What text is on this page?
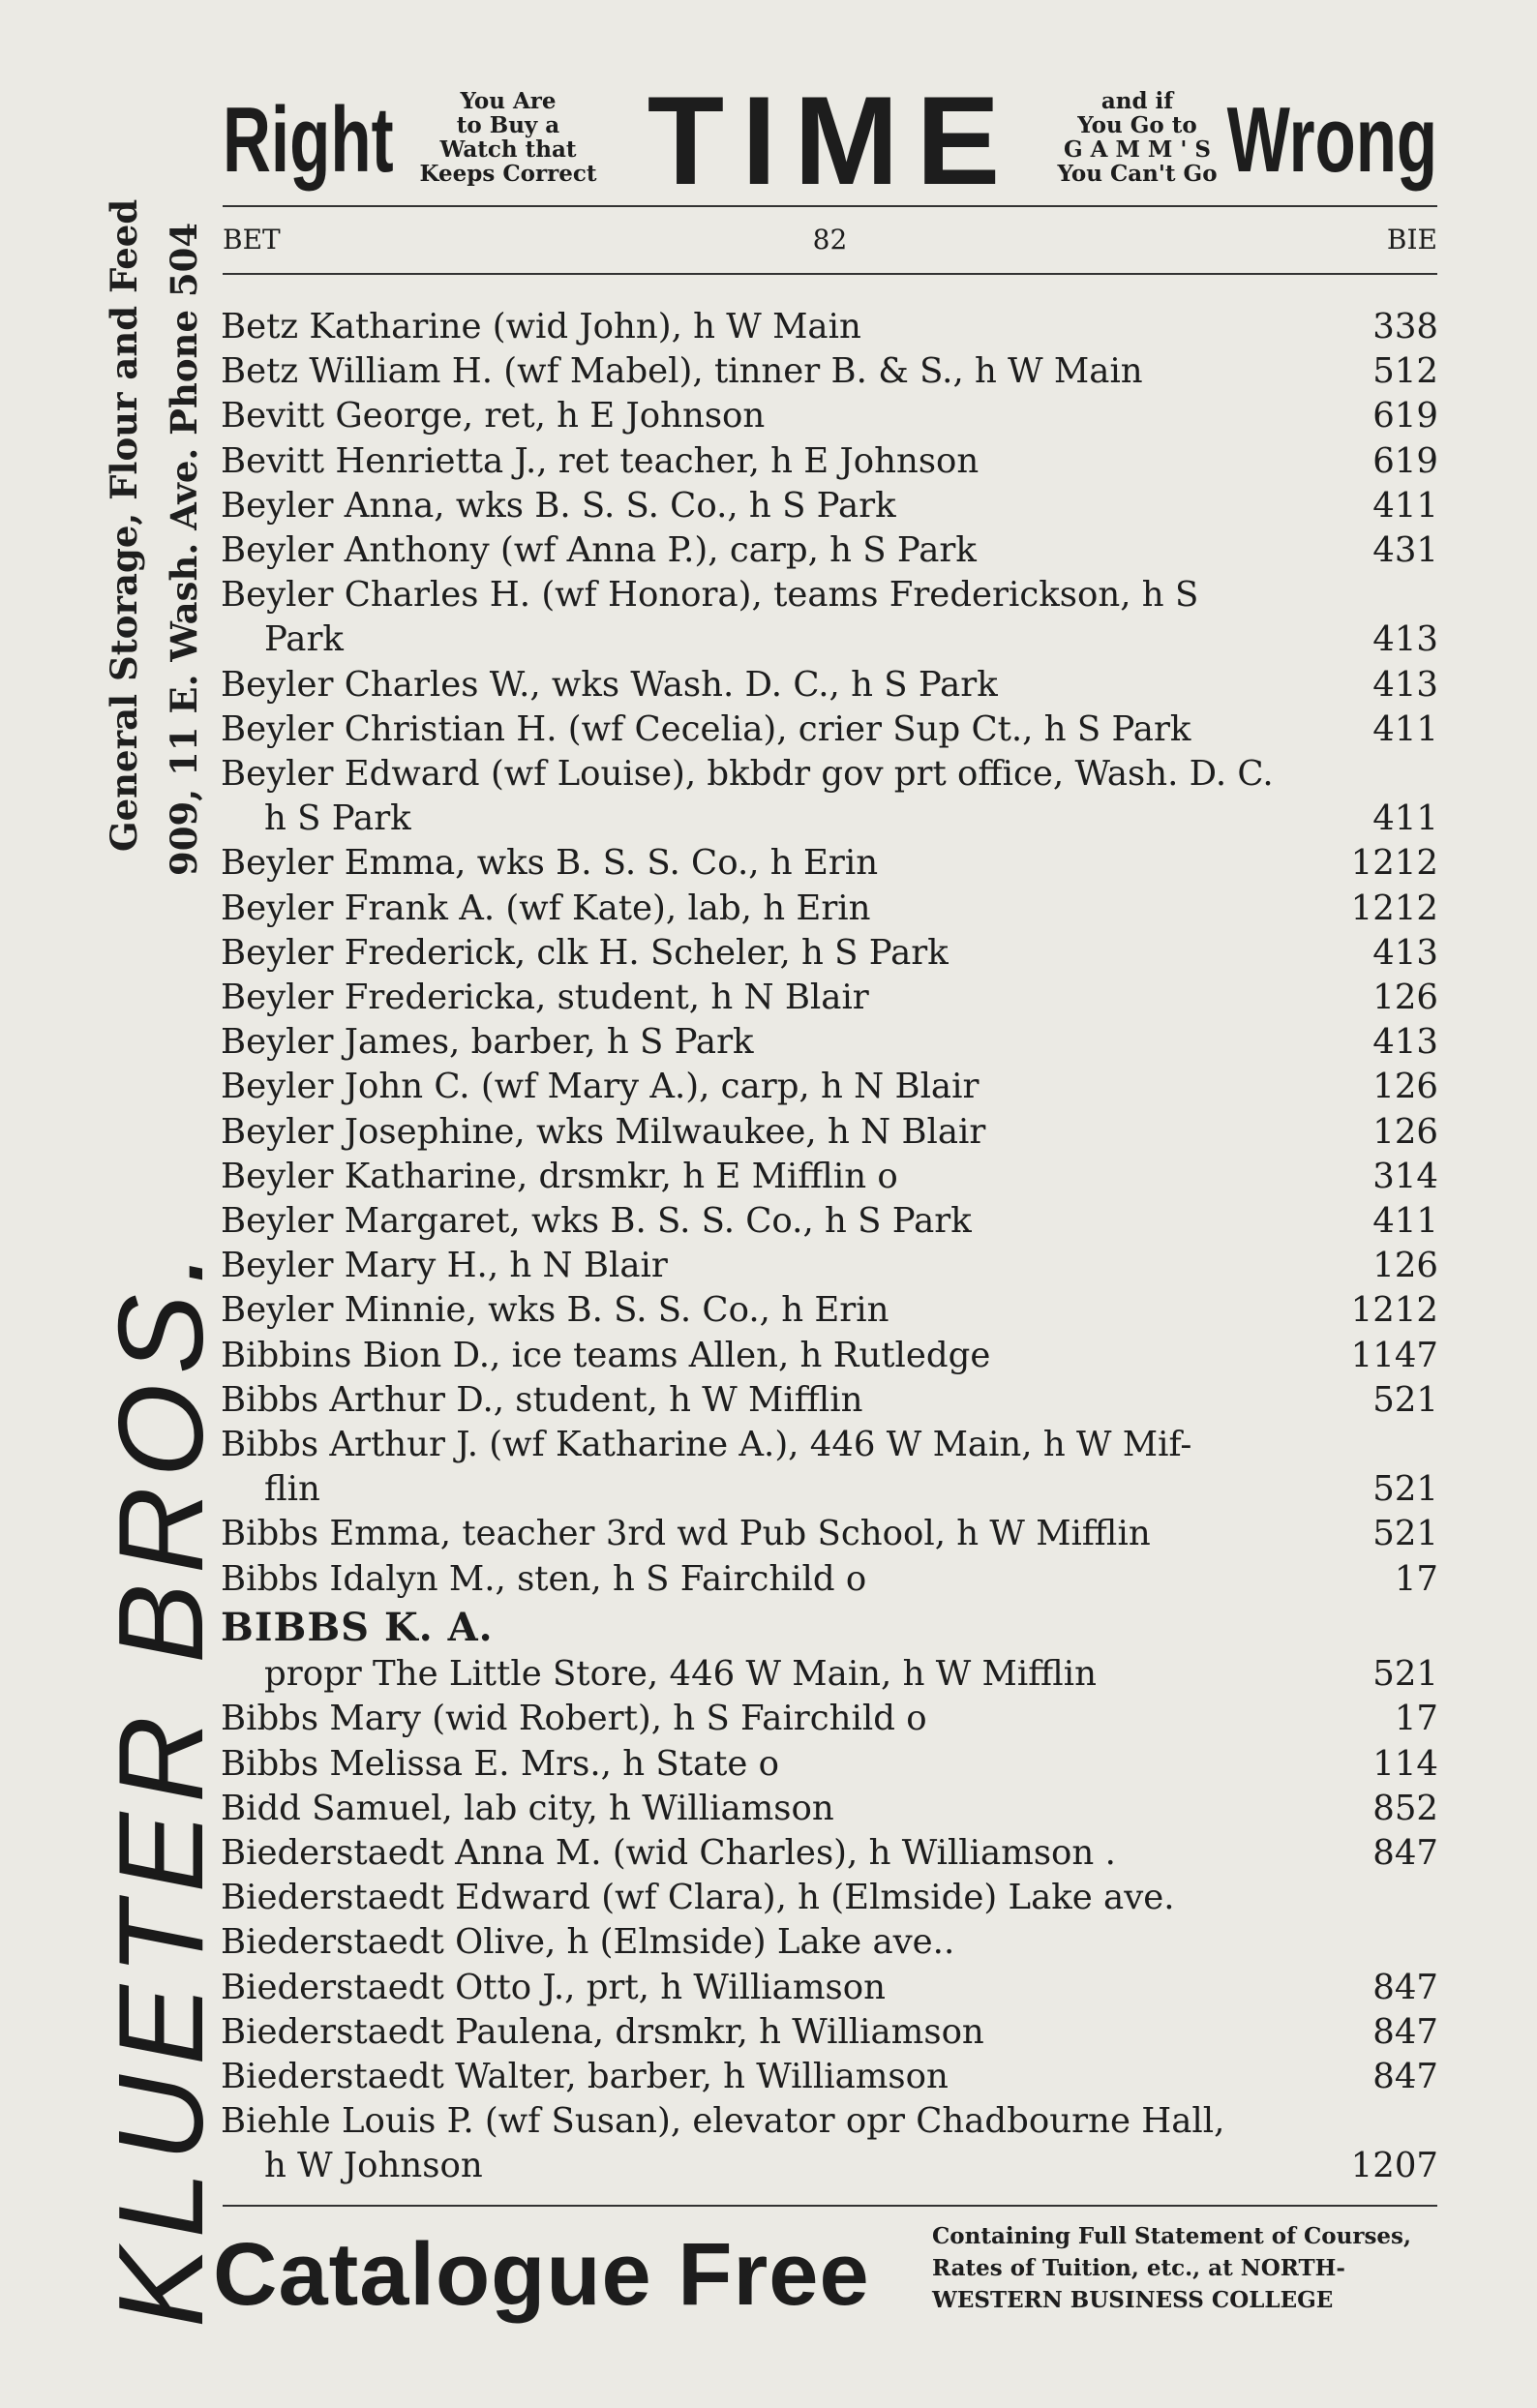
KLUETER BROS.
General Storage, Flour and Feed 909, 11 E. Wash. Ave. Phone 504
Right	You Are
to Buy a
Watch that
Keeps Correct TIME	and if
You Go to
G A M M ' S
You Can't Go Wrong
BET	82	BIE
Betz Katharine (wid John), h W Main	338
Betz William H. (wf Mabel), tinner B. & S., h W Main	512
Bevitt George, ret, h E Johnson	619
Bevitt Henrietta J., ret teacher, h E Johnson	619
Beyler Anna, wks B. S. S. Co., h S Park	411
Beyler Anthony (wf Anna P.), carp, h S Park	431
Beyler Charles H. (wf Honora), teams Frederickson, h S
Park	413
Beyler Charles W., wks Wash. D. C., h S Park	413
Beyler Christian H. (wf Cecelia), crier Sup Ct., h S Park	411
Beyler Edward (wf Louise), bkbdr gov prt office, Wash. D. C.
h S Park	411
Beyler Emma, wks B. S. S. Co., h Erin	1212
Beyler Frank A. (wf Kate), lab, h Erin	1212
Beyler Frederick, clk H. Scheler, h S Park	413
Beyler Fredericka, student, h N Blair	126
Beyler James, barber, h S Park	413
Beyler John C. (wf Mary A.), carp, h N Blair	126
Beyler Josephine, wks Milwaukee, h N Blair	126
Beyler Katharine, drsmkr, h E Mifflin o	314
Beyler Margaret, wks B. S. S. Co., h S Park	411
Beyler Mary H., h N Blair	126
Beyler Minnie, wks B. S. S. Co., h Erin	1212
Bibbins Bion D., ice teams Allen, h Rutledge	1147
Bibbs Arthur D., student, h W Mifflin	521
Bibbs Arthur J. (wf Katharine A.), 446 W Main, h W Mif-
flin	521
Bibbs Emma, teacher 3rd wd Pub School, h W Mifflin	521
Bibbs Idalyn M., sten, h S Fairchild o	17
BIBBS K. A.
propr The Little Store, 446 W Main, h W Mifflin	521
Bibbs Mary (wid Robert), h S Fairchild o	17
Bibbs Melissa E. Mrs., h State o	114
Bidd Samuel, lab city, h Williamson	852
Biederstaedt Anna M. (wid Charles), h Williamson .	847
Biederstaedt Edward (wf Clara), h (Elmside) Lake ave.
Biederstaedt Olive, h (Elmside) Lake ave..
Biederstaedt Otto J., prt, h Williamson	847
Biederstaedt Paulena, drsmkr, h Williamson	847
Biederstaedt Walter, barber, h Williamson	847
Biehle Louis P. (wf Susan), elevator opr Chadbourne Hall,
h W Johnson	1207
Catalogue Free	Containing Full Statement of Courses,
Rates of Tuition, etc., at NORTH-
WESTERN BUSINESS COLLEGE
